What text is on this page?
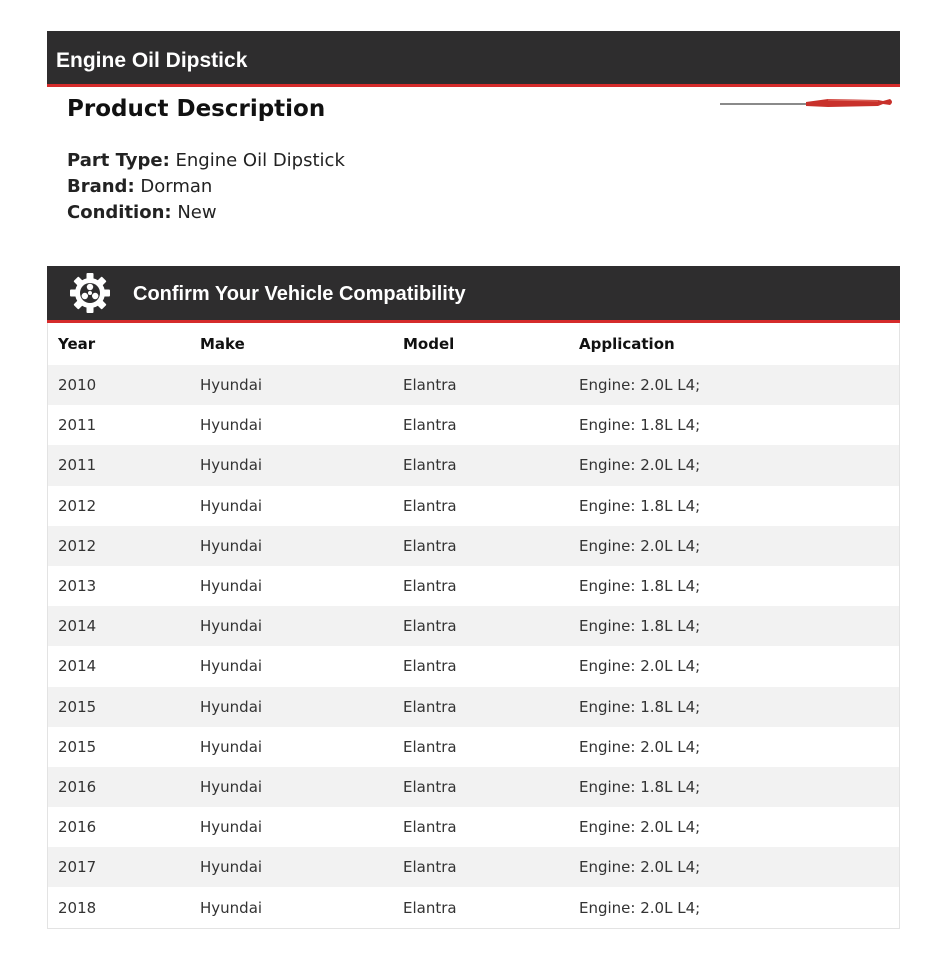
Engine Oil Dipstick
Product Description
Part Type: Engine Oil Dipstick
Brand: Dorman
Condition: New
Confirm Your Vehicle Compatibility
Year	Make	Model	Application
2010	Hyundai	Elantra	Engine: 2.0L L4;
2011	Hyundai	Elantra	Engine: 1.8L L4;
2011	Hyundai	Elantra	Engine: 2.0L L4;
2012	Hyundai	Elantra	Engine: 1.8L L4;
2012	Hyundai	Elantra	Engine: 2.0L L4;
2013	Hyundai	Elantra	Engine: 1.8L L4;
2014	Hyundai	Elantra	Engine: 1.8L L4;
2014	Hyundai	Elantra	Engine: 2.0L L4;
2015	Hyundai	Elantra	Engine: 1.8L L4;
2015	Hyundai	Elantra	Engine: 2.0L L4;
2016	Hyundai	Elantra	Engine: 1.8L L4;
2016	Hyundai	Elantra	Engine: 2.0L L4;
2017	Hyundai	Elantra	Engine: 2.0L L4;
2018	Hyundai	Elantra	Engine: 2.0L L4;
